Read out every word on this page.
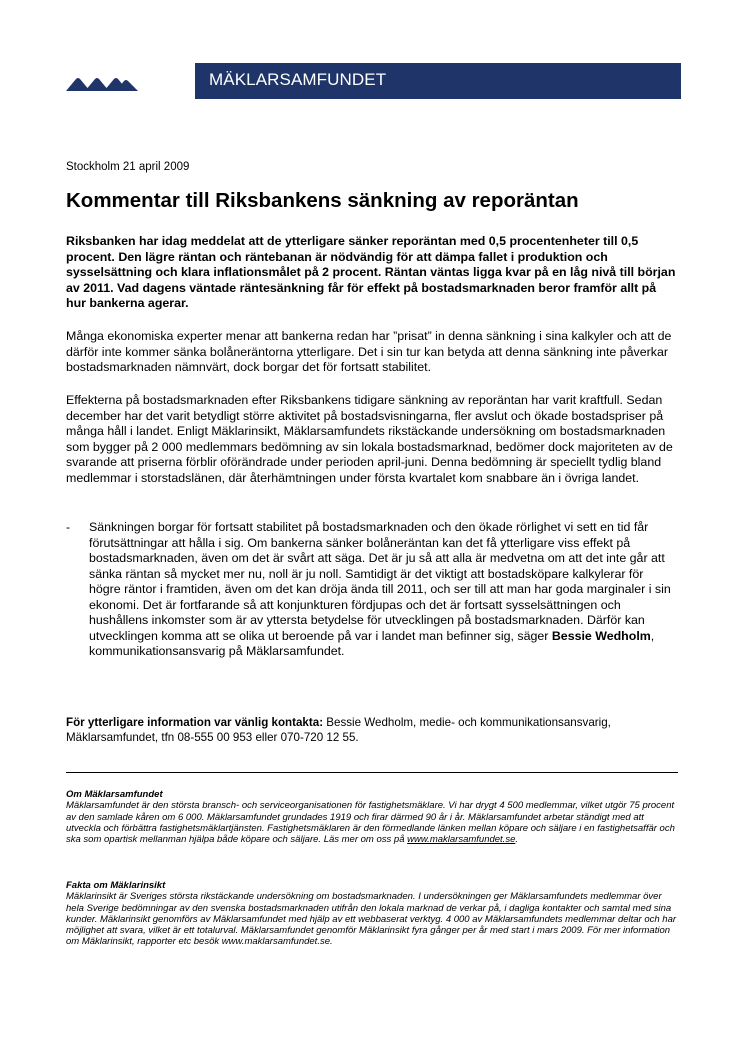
MÄKLARSAMFUNDET
Stockholm 21 april 2009
Kommentar till Riksbankens sänkning av reporäntan

Riksbanken har idag meddelat att de ytterligare sänker reporäntan med 0,5 procentenheter till 0,5 procent. Den lägre räntan och räntebanan är nödvändig för att dämpa fallet i produktion och sysselsättning och klara inflationsmålet på 2 procent. Räntan väntas ligga kvar på en låg nivå till början av 2011. Vad dagens väntade räntesänkning får för effekt på bostadsmarknaden beror framför allt på hur bankerna agerar.

Många ekonomiska experter menar att bankerna redan har ”prisat” in denna sänkning i sina kalkyler och att de därför inte kommer sänka bolåneräntorna ytterligare. Det i sin tur kan betyda att denna sänkning inte påverkar bostadsmarknaden nämnvärt, dock borgar det för fortsatt stabilitet.

Effekterna på bostadsmarknaden efter Riksbankens tidigare sänkning av reporäntan har varit kraftfull. Sedan december har det varit betydligt större aktivitet på bostadsvisningarna, fler avslut och ökade bostadspriser på många håll i landet. Enligt Mäklarinsikt, Mäklarsamfundets rikstäckande undersökning om bostadsmarknaden som bygger på 2 000 medlemmars bedömning av sin lokala bostadsmarknad, bedömer dock majoriteten av de svarande att priserna förblir oförändrade under perioden april-juni. Denna bedömning är speciellt tydlig bland medlemmar i storstadslänen, där återhämtningen under första kvartalet kom snabbare än i övriga landet.

- Sänkningen borgar för fortsatt stabilitet på bostadsmarknaden och den ökade rörlighet vi sett en tid får förutsättningar att hålla i sig. Om bankerna sänker bolåneräntan kan det få ytterligare viss effekt på bostadsmarknaden, även om det är svårt att säga. Det är ju så att alla är medvetna om att det inte går att sänka räntan så mycket mer nu, noll är ju noll. Samtidigt är det viktigt att bostadsköpare kalkylerar för högre räntor i framtiden, även om det kan dröja ända till 2011, och ser till att man har goda marginaler i sin ekonomi. Det är fortfarande så att konjunkturen fördjupas och det är fortsatt sysselsättningen och hushållens inkomster som är av yttersta betydelse för utvecklingen på bostadsmarknaden. Därför kan utvecklingen komma att se olika ut beroende på var i landet man befinner sig, säger Bessie Wedholm, kommunikationsansvarig på Mäklarsamfundet.

För ytterligare information var vänlig kontakta: Bessie Wedholm, medie- och kommunikationsansvarig, Mäklarsamfundet, tfn 08-555 00 953 eller 070-720 12 55.

Om Mäklarsamfundet

Mäklarsamfundet är den största bransch- och serviceorganisationen för fastighetsmäklare. Vi har drygt 4 500 medlemmar, vilket utgör 75 procent av den samlade kåren om 6 000. Mäklarsamfundet grundades 1919 och firar därmed 90 år i år. Mäklarsamfundet arbetar ständigt med att utveckla och förbättra fastighetsmäklartjänsten. Fastighetsmäklaren är den förmedlande länken mellan köpare och säljare i en fastighetsaffär och ska som opartisk mellanman hjälpa både köpare och säljare. Läs mer om oss på www.maklarsamfundet.se.

Fakta om Mäklarinsikt

Mäklarinsikt är Sveriges största rikstäckande undersökning om bostadsmarknaden. I undersökningen ger Mäklarsamfundets medlemmar över hela Sverige bedömningar av den svenska bostadsmarknaden utifrån den lokala marknad de verkar på, i dagliga kontakter och samtal med sina kunder. Mäklarinsikt genomförs av Mäklarsamfundet med hjälp av ett webbaserat verktyg. 4 000 av Mäklarsamfundets medlemmar deltar och har möjlighet att svara, vilket är ett totalurval. Mäklarsamfundet genomför Mäklarinsikt fyra gånger per år med start i mars 2009. För mer information om Mäklarinsikt, rapporter etc besök www.maklarsamfundet.se.
